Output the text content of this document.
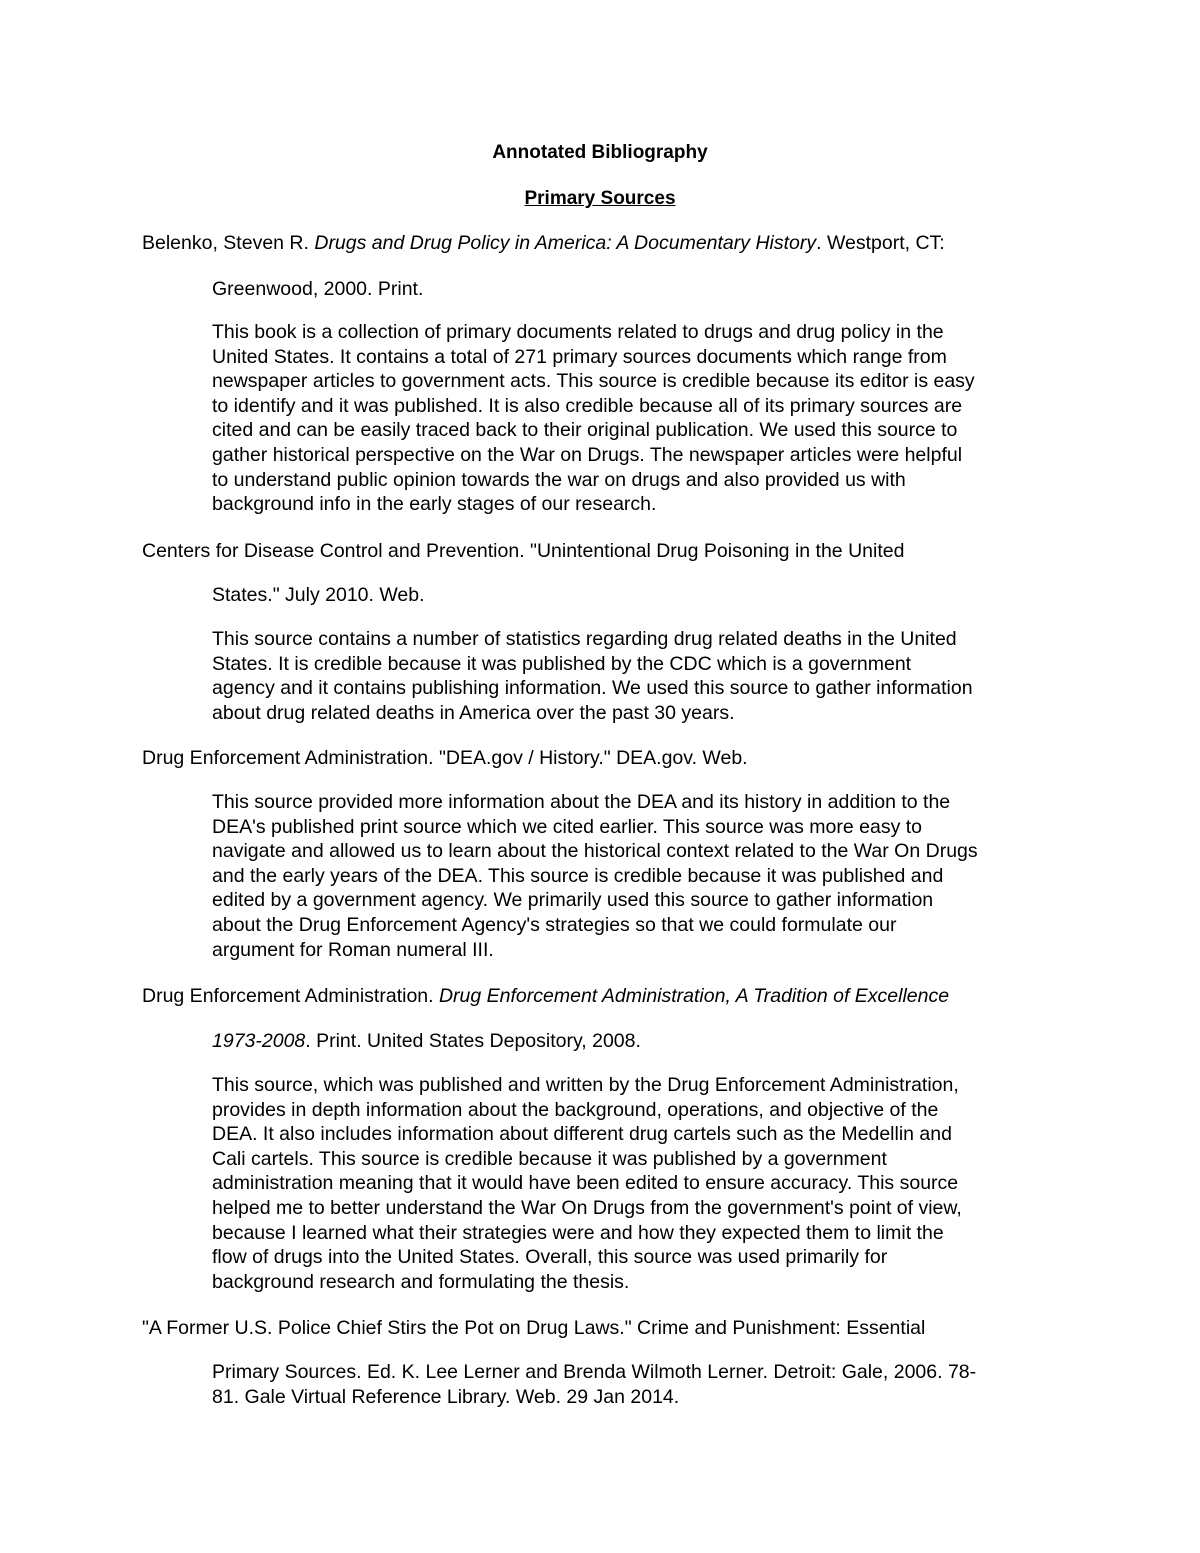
Annotated Bibliography
Primary Sources
Belenko, Steven R. Drugs and Drug Policy in America: A Documentary History. Westport, CT:
Greenwood, 2000. Print.
This book is a collection of primary documents related to drugs and drug policy in the
United States. It contains a total of 271 primary sources documents which range from
newspaper articles to government acts. This source is credible because its editor is easy
to identify and it was published. It is also credible because all of its primary sources are
cited and can be easily traced back to their original publication. We used this source to
gather historical perspective on the War on Drugs. The newspaper articles were helpful
to understand public opinion towards the war on drugs and also provided us with
background info in the early stages of our research.
Centers for Disease Control and Prevention. "Unintentional Drug Poisoning in the United
States." July 2010. Web.
This source contains a number of statistics regarding drug related deaths in the United
States. It is credible because it was published by the CDC which is a government
agency and it contains publishing information. We used this source to gather information
about drug related deaths in America over the past 30 years.
Drug Enforcement Administration. "DEA.gov / History." DEA.gov. Web.
This source provided more information about the DEA and its history in addition to the
DEA's published print source which we cited earlier. This source was more easy to
navigate and allowed us to learn about the historical context related to the War On Drugs
and the early years of the DEA. This source is credible because it was published and
edited by a government agency. We primarily used this source to gather information
about the Drug Enforcement Agency's strategies so that we could formulate our
argument for Roman numeral III.
Drug Enforcement Administration. Drug Enforcement Administration, A Tradition of Excellence
1973-2008. Print. United States Depository, 2008.
This source, which was published and written by the Drug Enforcement Administration,
provides in depth information about the background, operations, and objective of the
DEA. It also includes information about different drug cartels such as the Medellin and
Cali cartels. This source is credible because it was published by a government
administration meaning that it would have been edited to ensure accuracy. This source
helped me to better understand the War On Drugs from the government's point of view,
because I learned what their strategies were and how they expected them to limit the
flow of drugs into the United States. Overall, this source was used primarily for
background research and formulating the thesis.
"A Former U.S. Police Chief Stirs the Pot on Drug Laws." Crime and Punishment: Essential
Primary Sources. Ed. K. Lee Lerner and Brenda Wilmoth Lerner. Detroit: Gale, 2006. 78-
81. Gale Virtual Reference Library. Web. 29 Jan 2014.
